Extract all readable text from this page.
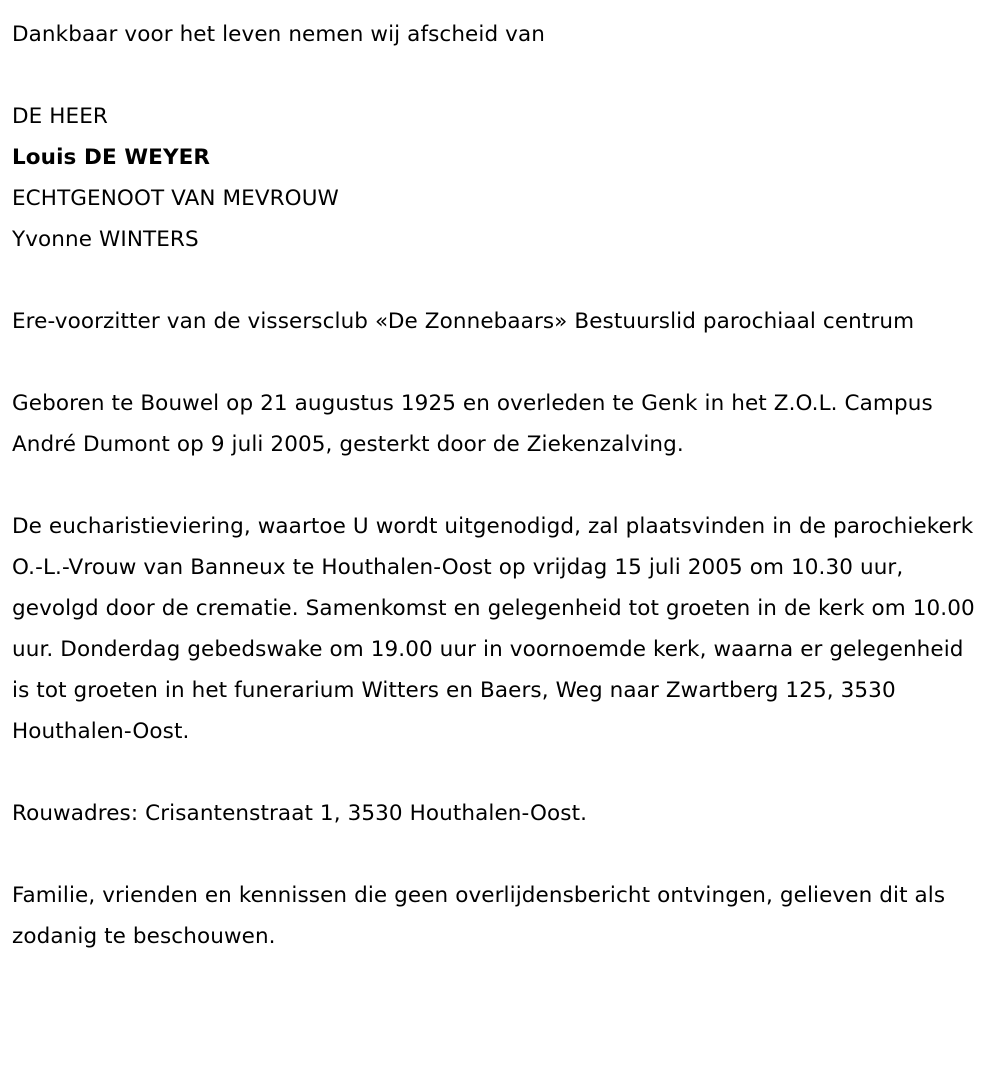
Dankbaar voor het leven nemen wij afscheid van

DE HEER

Louis DE WEYER

ECHTGENOOT VAN MEVROUW

Yvonne WINTERS

Ere-voorzitter van de vissersclub «De Zonnebaars» Bestuurslid parochiaal centrum

Geboren te Bouwel op 21 augustus 1925 en overleden te Genk in het Z.O.L. Campus André Dumont op 9 juli 2005, gesterkt door de Ziekenzalving.

De eucharistieviering, waartoe U wordt uitgenodigd, zal plaatsvinden in de parochiekerk O.-L.-Vrouw van Banneux te Houthalen-Oost op vrijdag 15 juli 2005 om 10.30 uur, gevolgd door de crematie. Samenkomst en gelegenheid tot groeten in de kerk om 10.00 uur. Donderdag gebedswake om 19.00 uur in voornoemde kerk, waarna er gelegenheid is tot groeten in het funerarium Witters en Baers, Weg naar Zwartberg 125, 3530 Houthalen-Oost.

Rouwadres: Crisantenstraat 1, 3530 Houthalen-Oost.

Familie, vrienden en kennissen die geen overlijdensbericht ontvingen, gelieven dit als zodanig te beschouwen.
